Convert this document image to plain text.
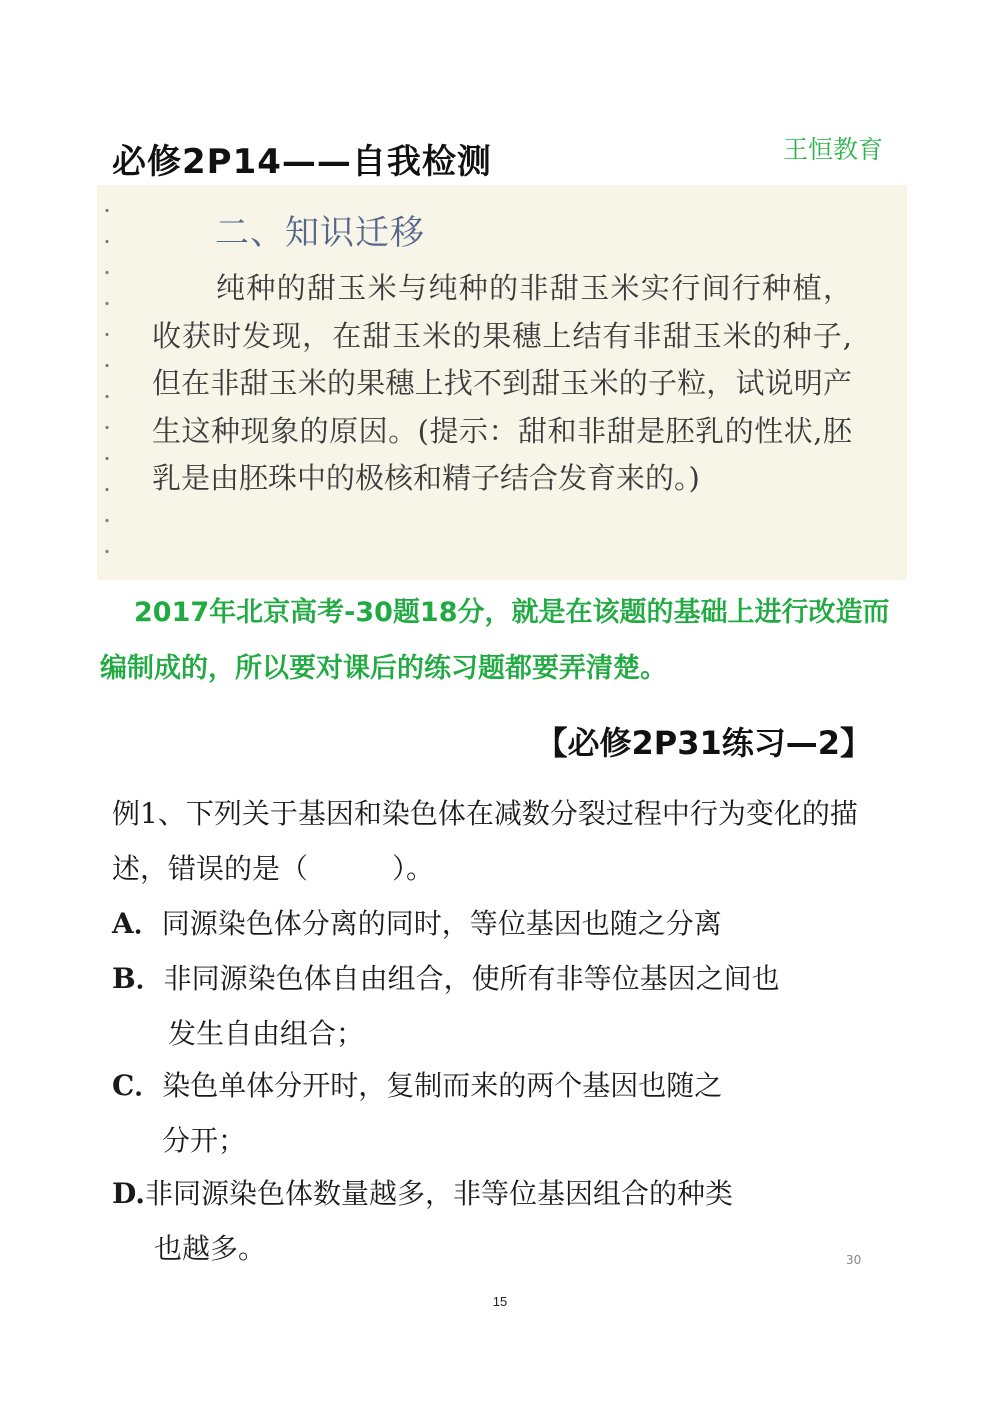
必修2P14——自我检测	王恒教育
二、知识迁移
纯种的甜玉米与纯种的非甜玉米实行间行种植，收获时发现，在甜玉米的果穗上结有非甜玉米的种子,但在非甜玉米的果穗上找不到甜玉米的子粒，试说明产生这种现象的原因。(提示：甜和非甜是胚乳的性状,胚乳是由胚珠中的极核和精子结合发育来的。)
2017年北京高考-30题18分，就是在该题的基础上进行改造而编制成的，所以要对课后的练习题都要弄清楚。
【必修2P31练习—2】
例1、下列关于基因和染色体在减数分裂过程中行为变化的描述，错误的是（　　　）。
A．同源染色体分离的同时，等位基因也随之分离
B．非同源染色体自由组合，使所有非等位基因之间也
发生自由组合；
C．染色单体分开时，复制而来的两个基因也随之
分开；
D.非同源染色体数量越多，非等位基因组合的种类
也越多。	30
15
